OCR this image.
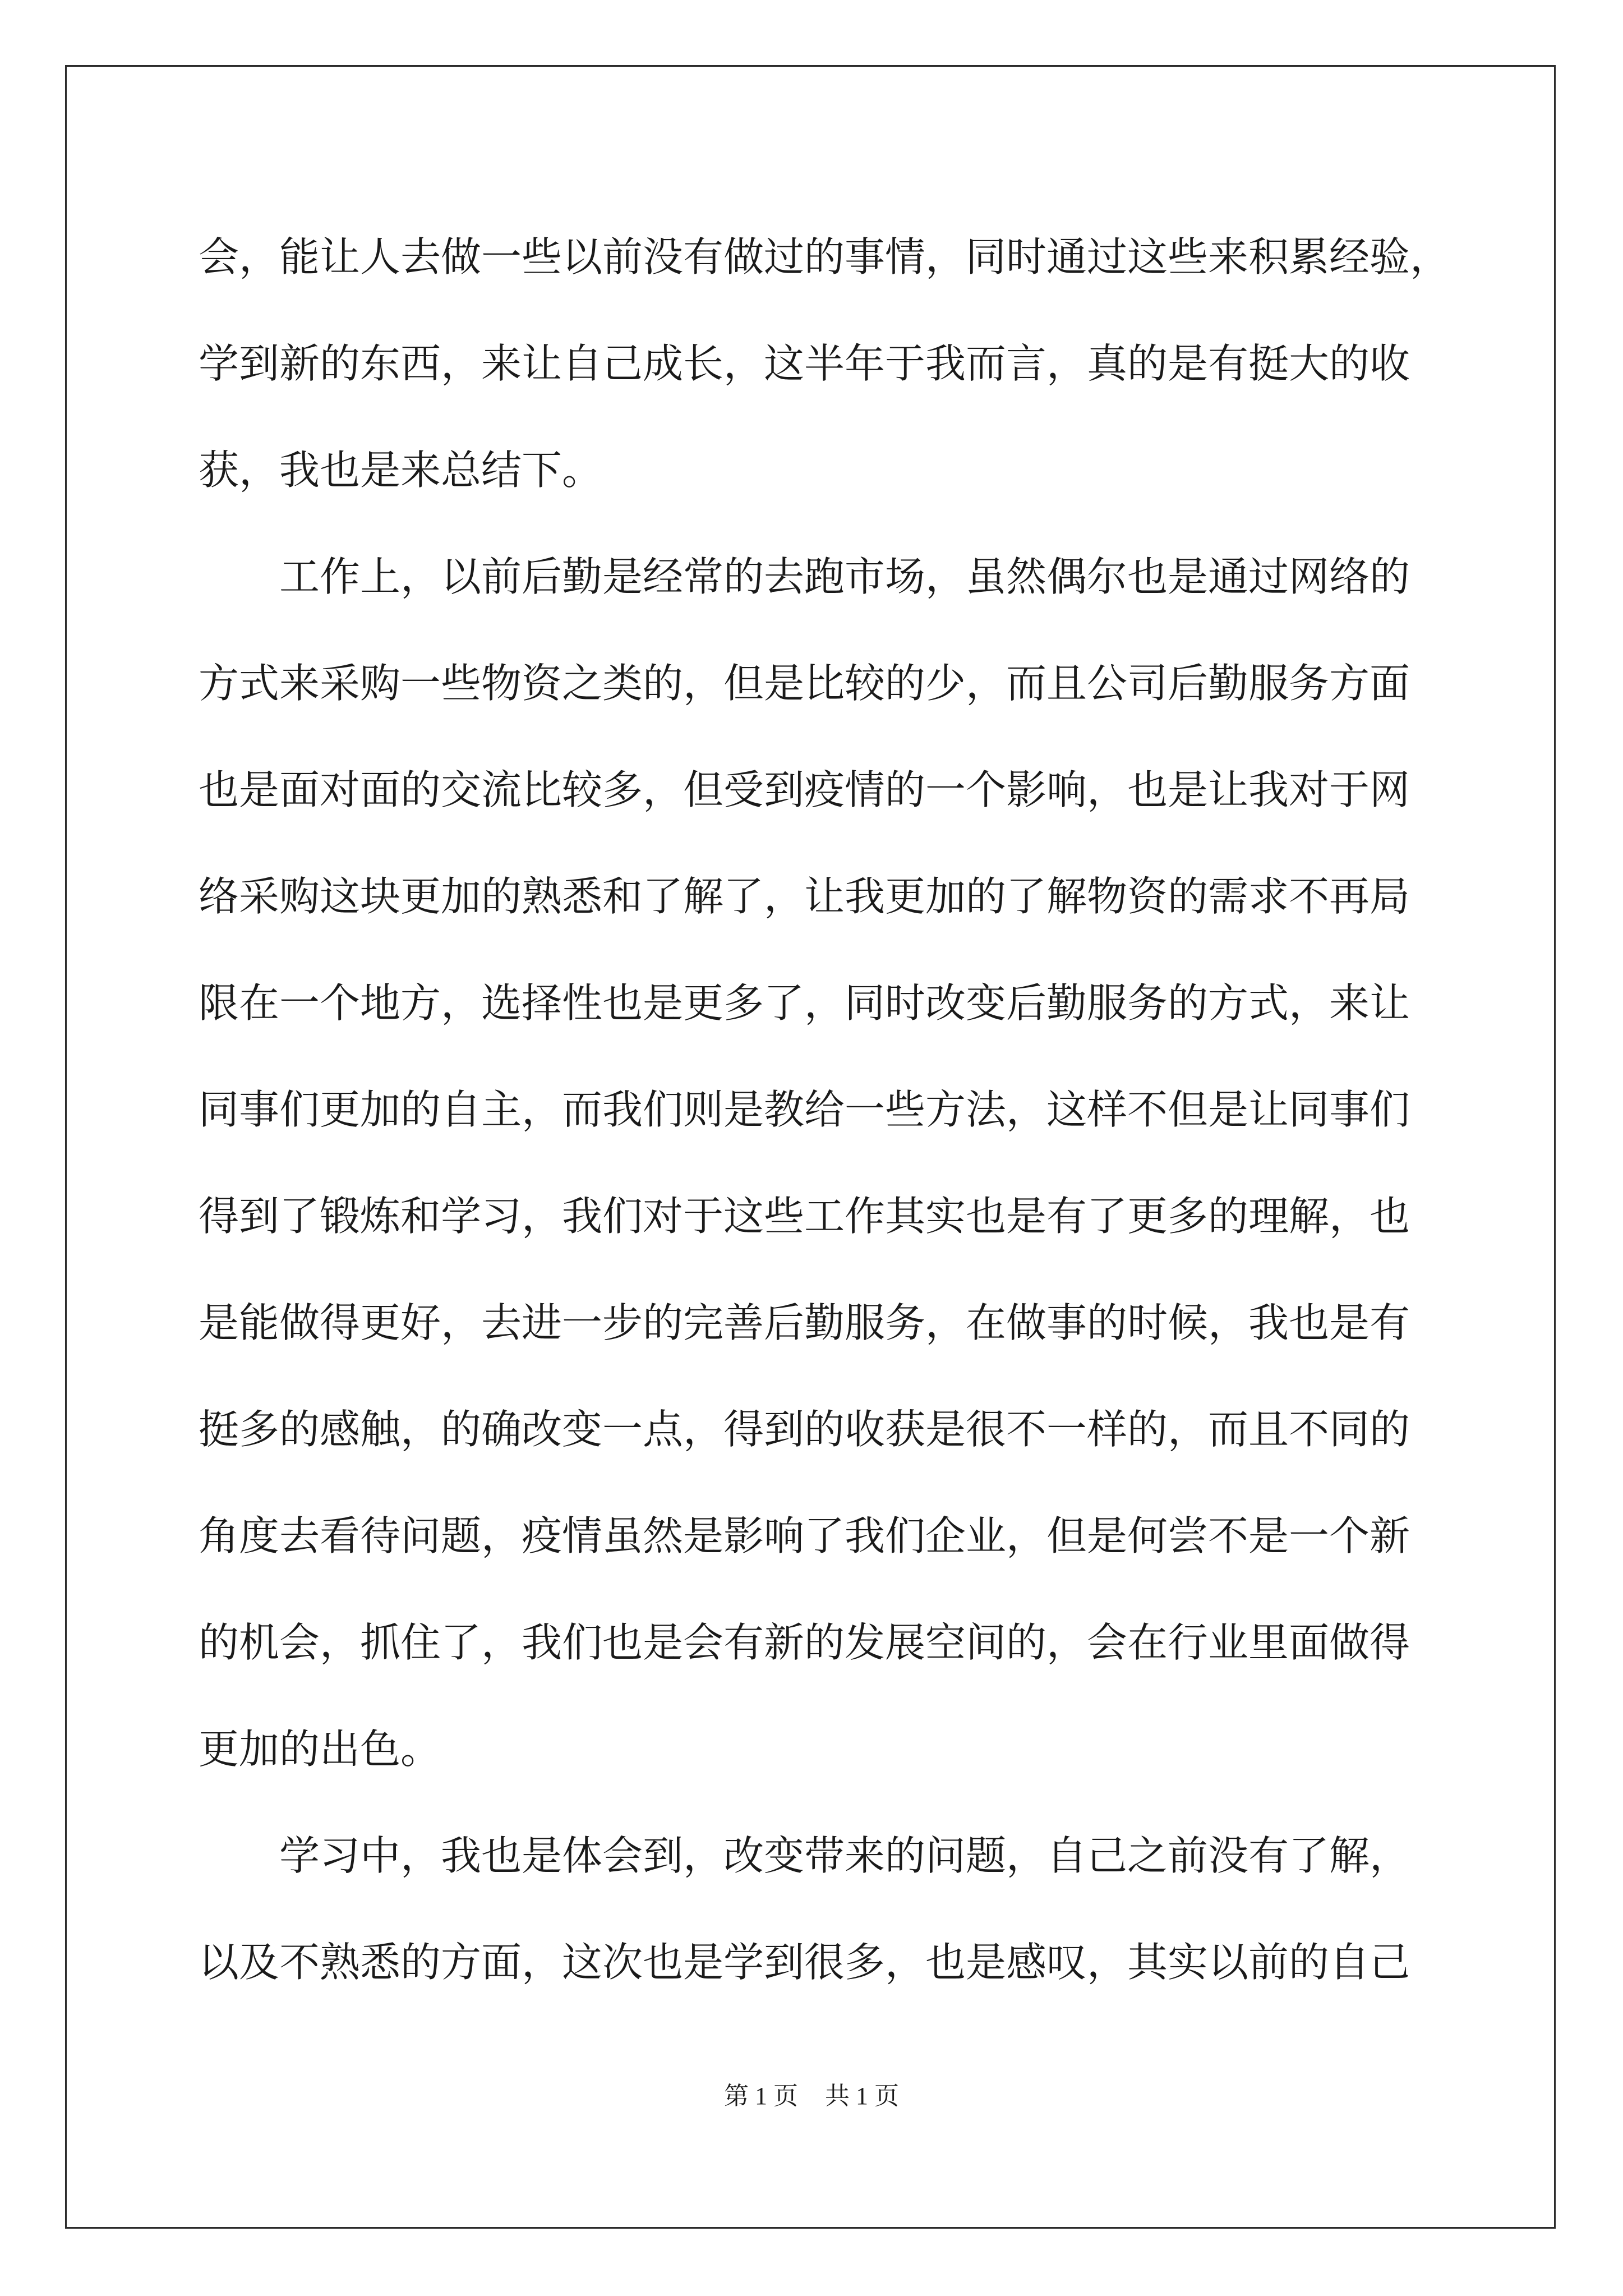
会，能让人去做一些以前没有做过的事情，同时通过这些来积累经验，
学到新的东西，来让自己成长，这半年于我而言，真的是有挺大的收
获，我也是来总结下。
　　工作上，以前后勤是经常的去跑市场，虽然偶尔也是通过网络的
方式来采购一些物资之类的，但是比较的少，而且公司后勤服务方面
也是面对面的交流比较多，但受到疫情的一个影响，也是让我对于网
络采购这块更加的熟悉和了解了，让我更加的了解物资的需求不再局
限在一个地方，选择性也是更多了，同时改变后勤服务的方式，来让
同事们更加的自主，而我们则是教给一些方法，这样不但是让同事们
得到了锻炼和学习，我们对于这些工作其实也是有了更多的理解，也
是能做得更好，去进一步的完善后勤服务，在做事的时候，我也是有
挺多的感触，的确改变一点，得到的收获是很不一样的，而且不同的
角度去看待问题，疫情虽然是影响了我们企业，但是何尝不是一个新
的机会，抓住了，我们也是会有新的发展空间的，会在行业里面做得
更加的出色。
　　学习中，我也是体会到，改变带来的问题，自己之前没有了解，
以及不熟悉的方面，这次也是学到很多，也是感叹，其实以前的自己
第 1 页 共 1 页
